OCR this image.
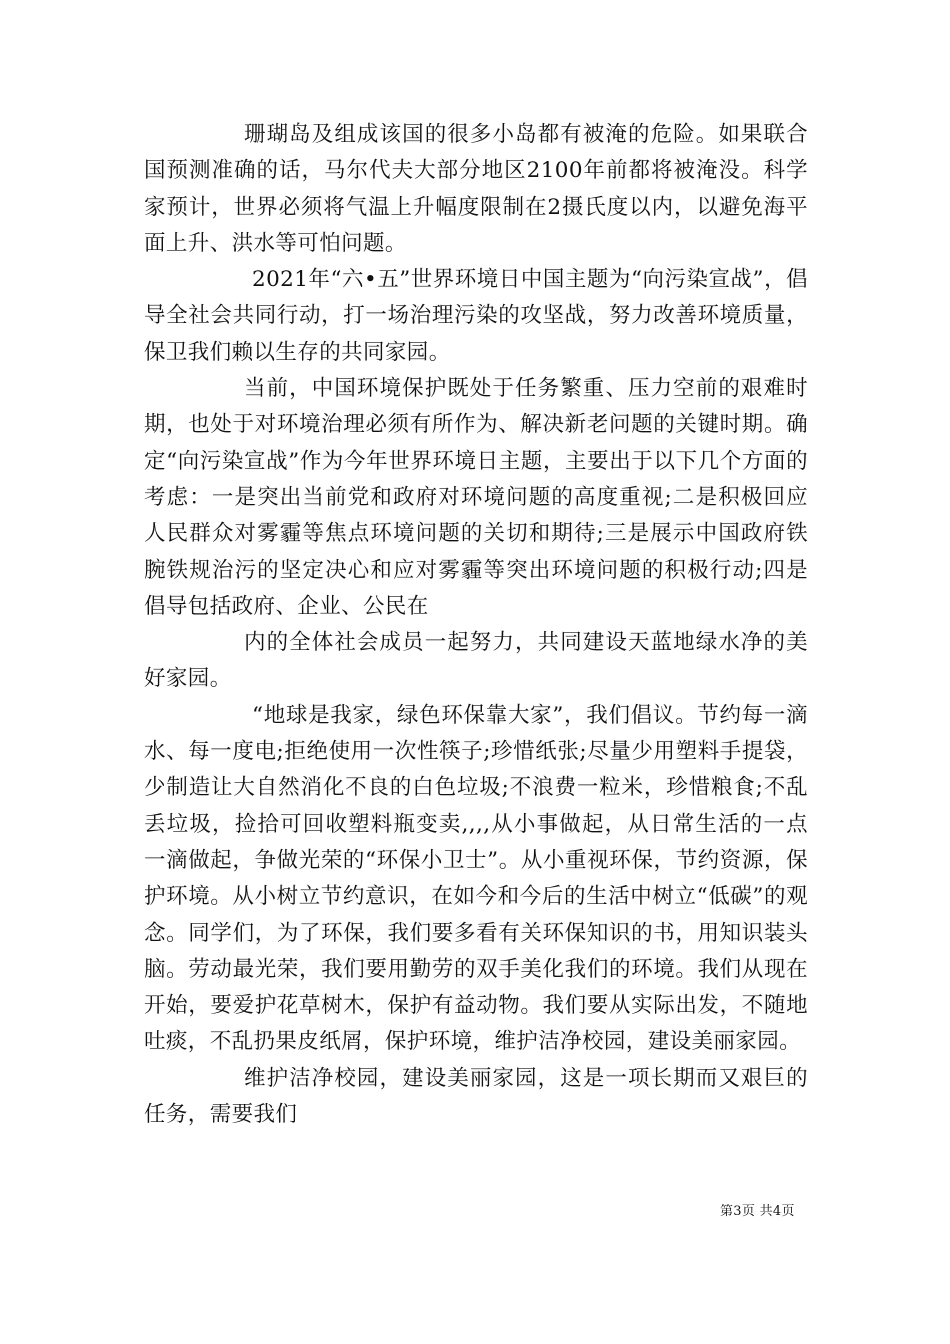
珊瑚岛及组成该国的很多小岛都有被淹的危险。如果联合国预测准确的话，马尔代夫大部分地区2100年前都将被淹没。科学家预计，世界必须将气温上升幅度限制在2摄氏度以内，以避免海平面上升、洪水等可怕问题。

2021年“六•五”世界环境日中国主题为“向污染宣战”，倡导全社会共同行动，打一场治理污染的攻坚战，努力改善环境质量，保卫我们赖以生存的共同家园。

当前，中国环境保护既处于任务繁重、压力空前的艰难时期，也处于对环境治理必须有所作为、解决新老问题的关键时期。确定“向污染宣战”作为今年世界环境日主题，主要出于以下几个方面的考虑：一是突出当前党和政府对环境问题的高度重视;二是积极回应人民群众对雾霾等焦点环境问题的关切和期待;三是展示中国政府铁腕铁规治污的坚定决心和应对雾霾等突出环境问题的积极行动;四是倡导包括政府、企业、公民在

内的全体社会成员一起努力，共同建设天蓝地绿水净的美好家园。

“地球是我家，绿色环保靠大家”，我们倡议。节约每一滴水、每一度电;拒绝使用一次性筷子;珍惜纸张;尽量少用塑料手提袋，少制造让大自然消化不良的白色垃圾;不浪费一粒米，珍惜粮食;不乱丢垃圾，捡拾可回收塑料瓶变卖,,,,从小事做起，从日常生活的一点一滴做起，争做光荣的“环保小卫士”。从小重视环保，节约资源，保护环境。从小树立节约意识，在如今和今后的生活中树立“低碳”的观念。同学们，为了环保，我们要多看有关环保知识的书，用知识装头脑。劳动最光荣，我们要用勤劳的双手美化我们的环境。我们从现在开始，要爱护花草树木，保护有益动物。我们要从实际出发，不随地吐痰，不乱扔果皮纸屑，保护环境，维护洁净校园，建设美丽家园。

维护洁净校园，建设美丽家园，这是一项长期而又艰巨的任务，需要我们

第3页 共4页
